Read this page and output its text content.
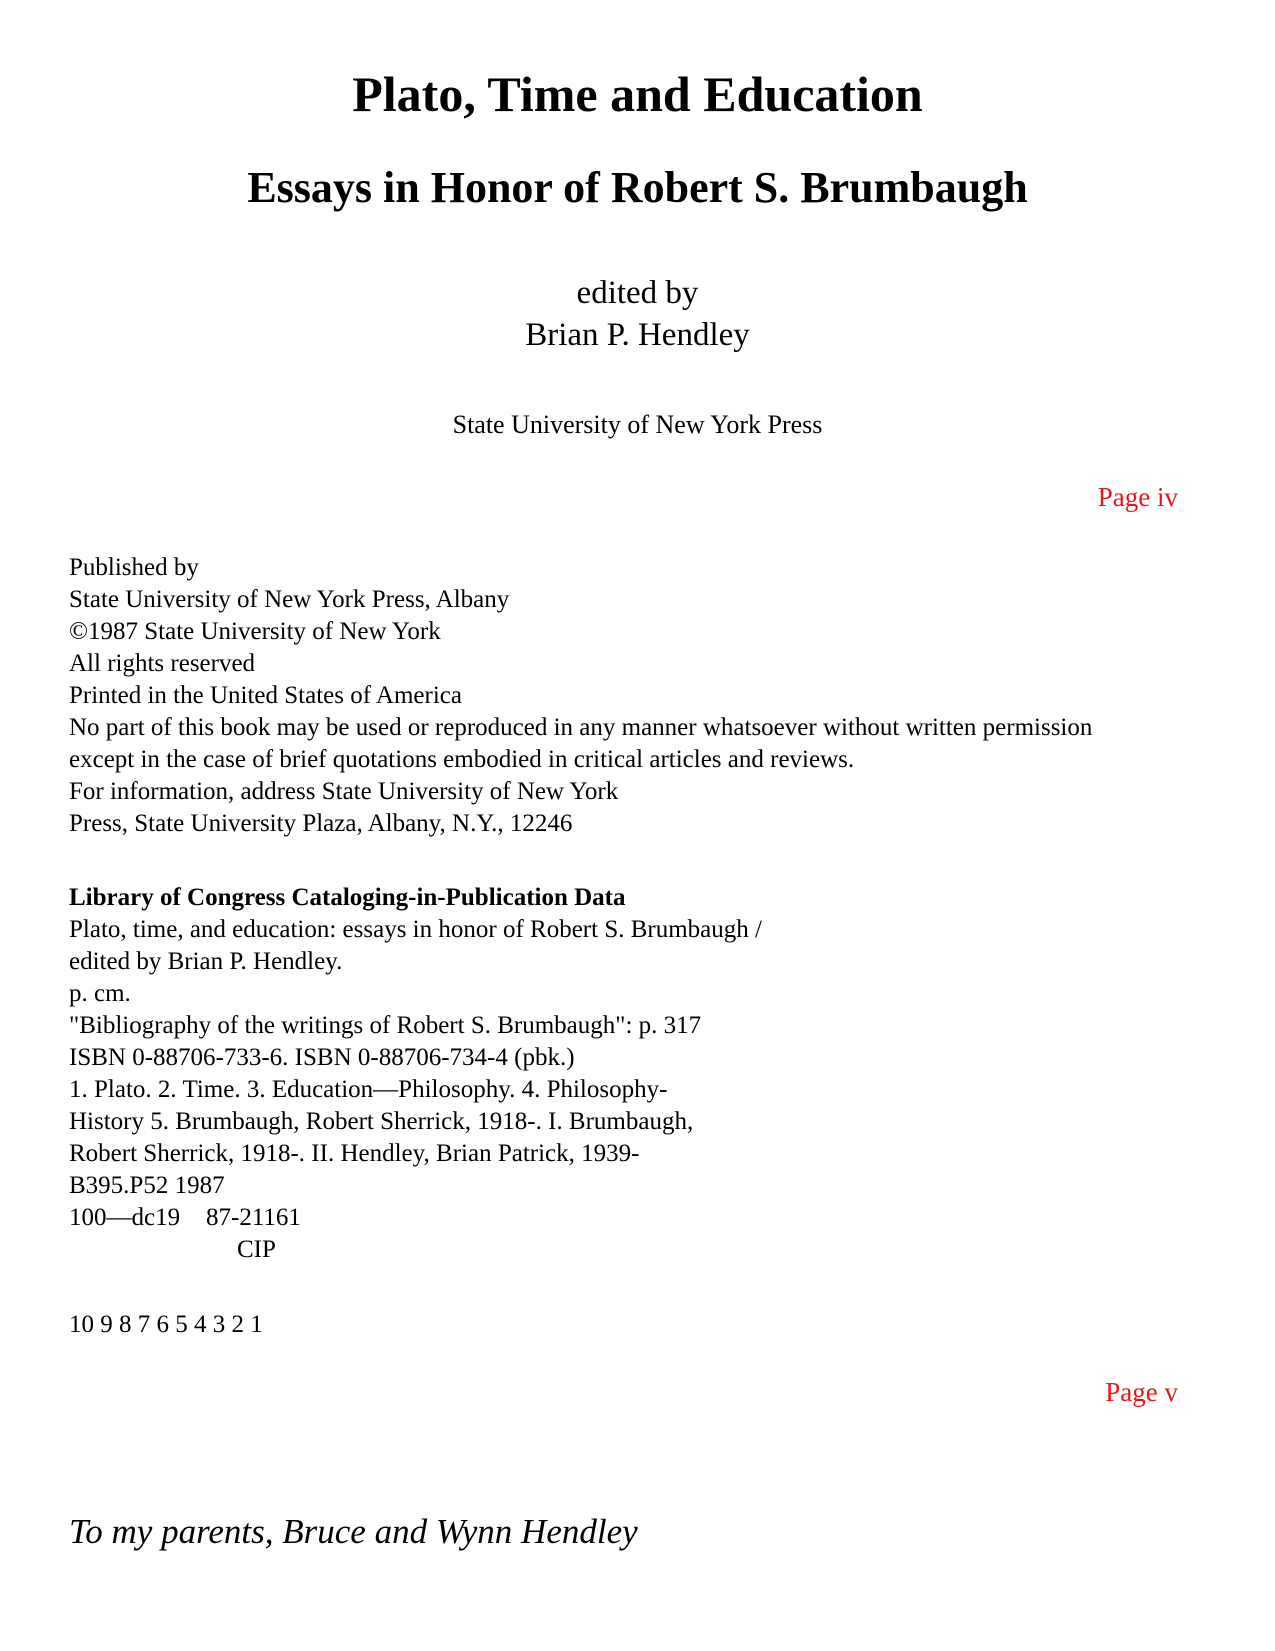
Plato, Time and Education
Essays in Honor of Robert S. Brumbaugh
edited by
Brian P. Hendley
State University of New York Press
Page iv
Published by
State University of New York Press, Albany
©1987 State University of New York
All rights reserved
Printed in the United States of America
No part of this book may be used or reproduced in any manner whatsoever without written permission
except in the case of brief quotations embodied in critical articles and reviews.
For information, address State University of New York
Press, State University Plaza, Albany, N.Y., 12246
Library of Congress Cataloging-in-Publication Data
Plato, time, and education: essays in honor of Robert S. Brumbaugh /
edited by Brian P. Hendley.
p. cm.
"Bibliography of the writings of Robert S. Brumbaugh": p. 317
ISBN 0-88706-733-6. ISBN 0-88706-734-4 (pbk.)
1. Plato. 2. Time. 3. Education—Philosophy. 4. Philosophy-
History 5. Brumbaugh, Robert Sherrick, 1918-. I. Brumbaugh,
Robert Sherrick, 1918-. II. Hendley, Brian Patrick, 1939-
B395.P52 1987
100—dc19 87-21161
CIP
10 9 8 7 6 5 4 3 2 1
Page v
To my parents, Bruce and Wynn Hendley
